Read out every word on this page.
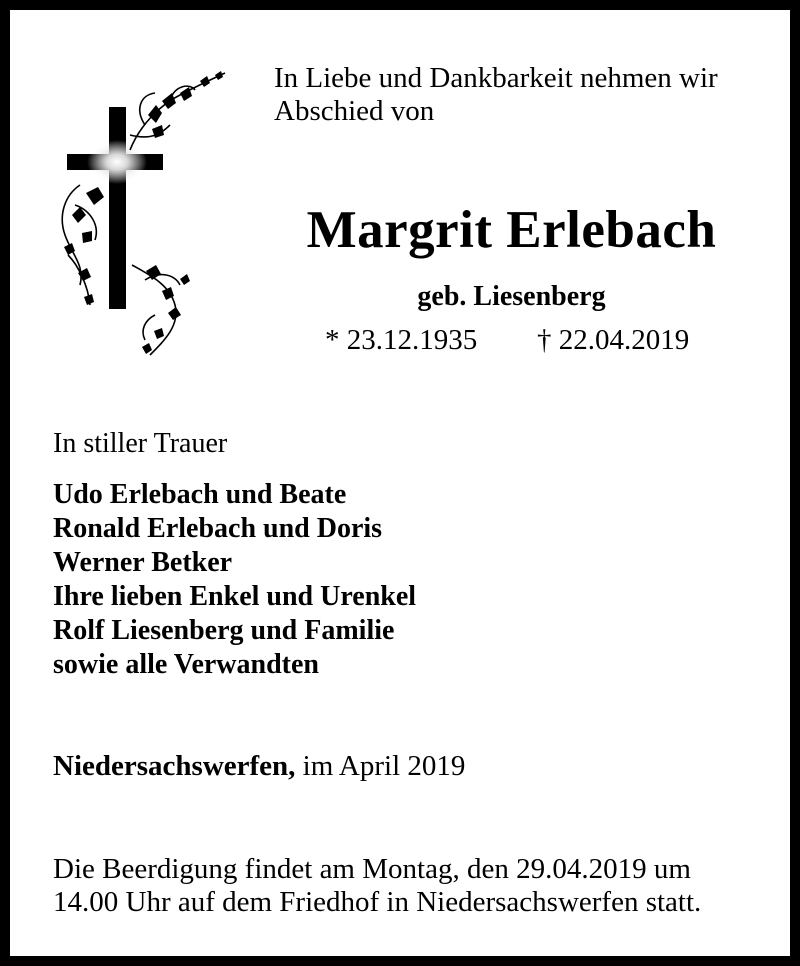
In Liebe und Dankbarkeit nehmen wir
Abschied von
Margrit Erlebach
geb. Liesenberg
* 23.12.1935 † 22.04.2019
In stiller Trauer
Udo Erlebach und Beate
Ronald Erlebach und Doris
Werner Betker
Ihre lieben Enkel und Urenkel
Rolf Liesenberg und Familie
sowie alle Verwandten
Niedersachswerfen, im April 2019
Die Beerdigung findet am Montag, den 29.04.2019 um
14.00 Uhr auf dem Friedhof in Niedersachswerfen statt.
